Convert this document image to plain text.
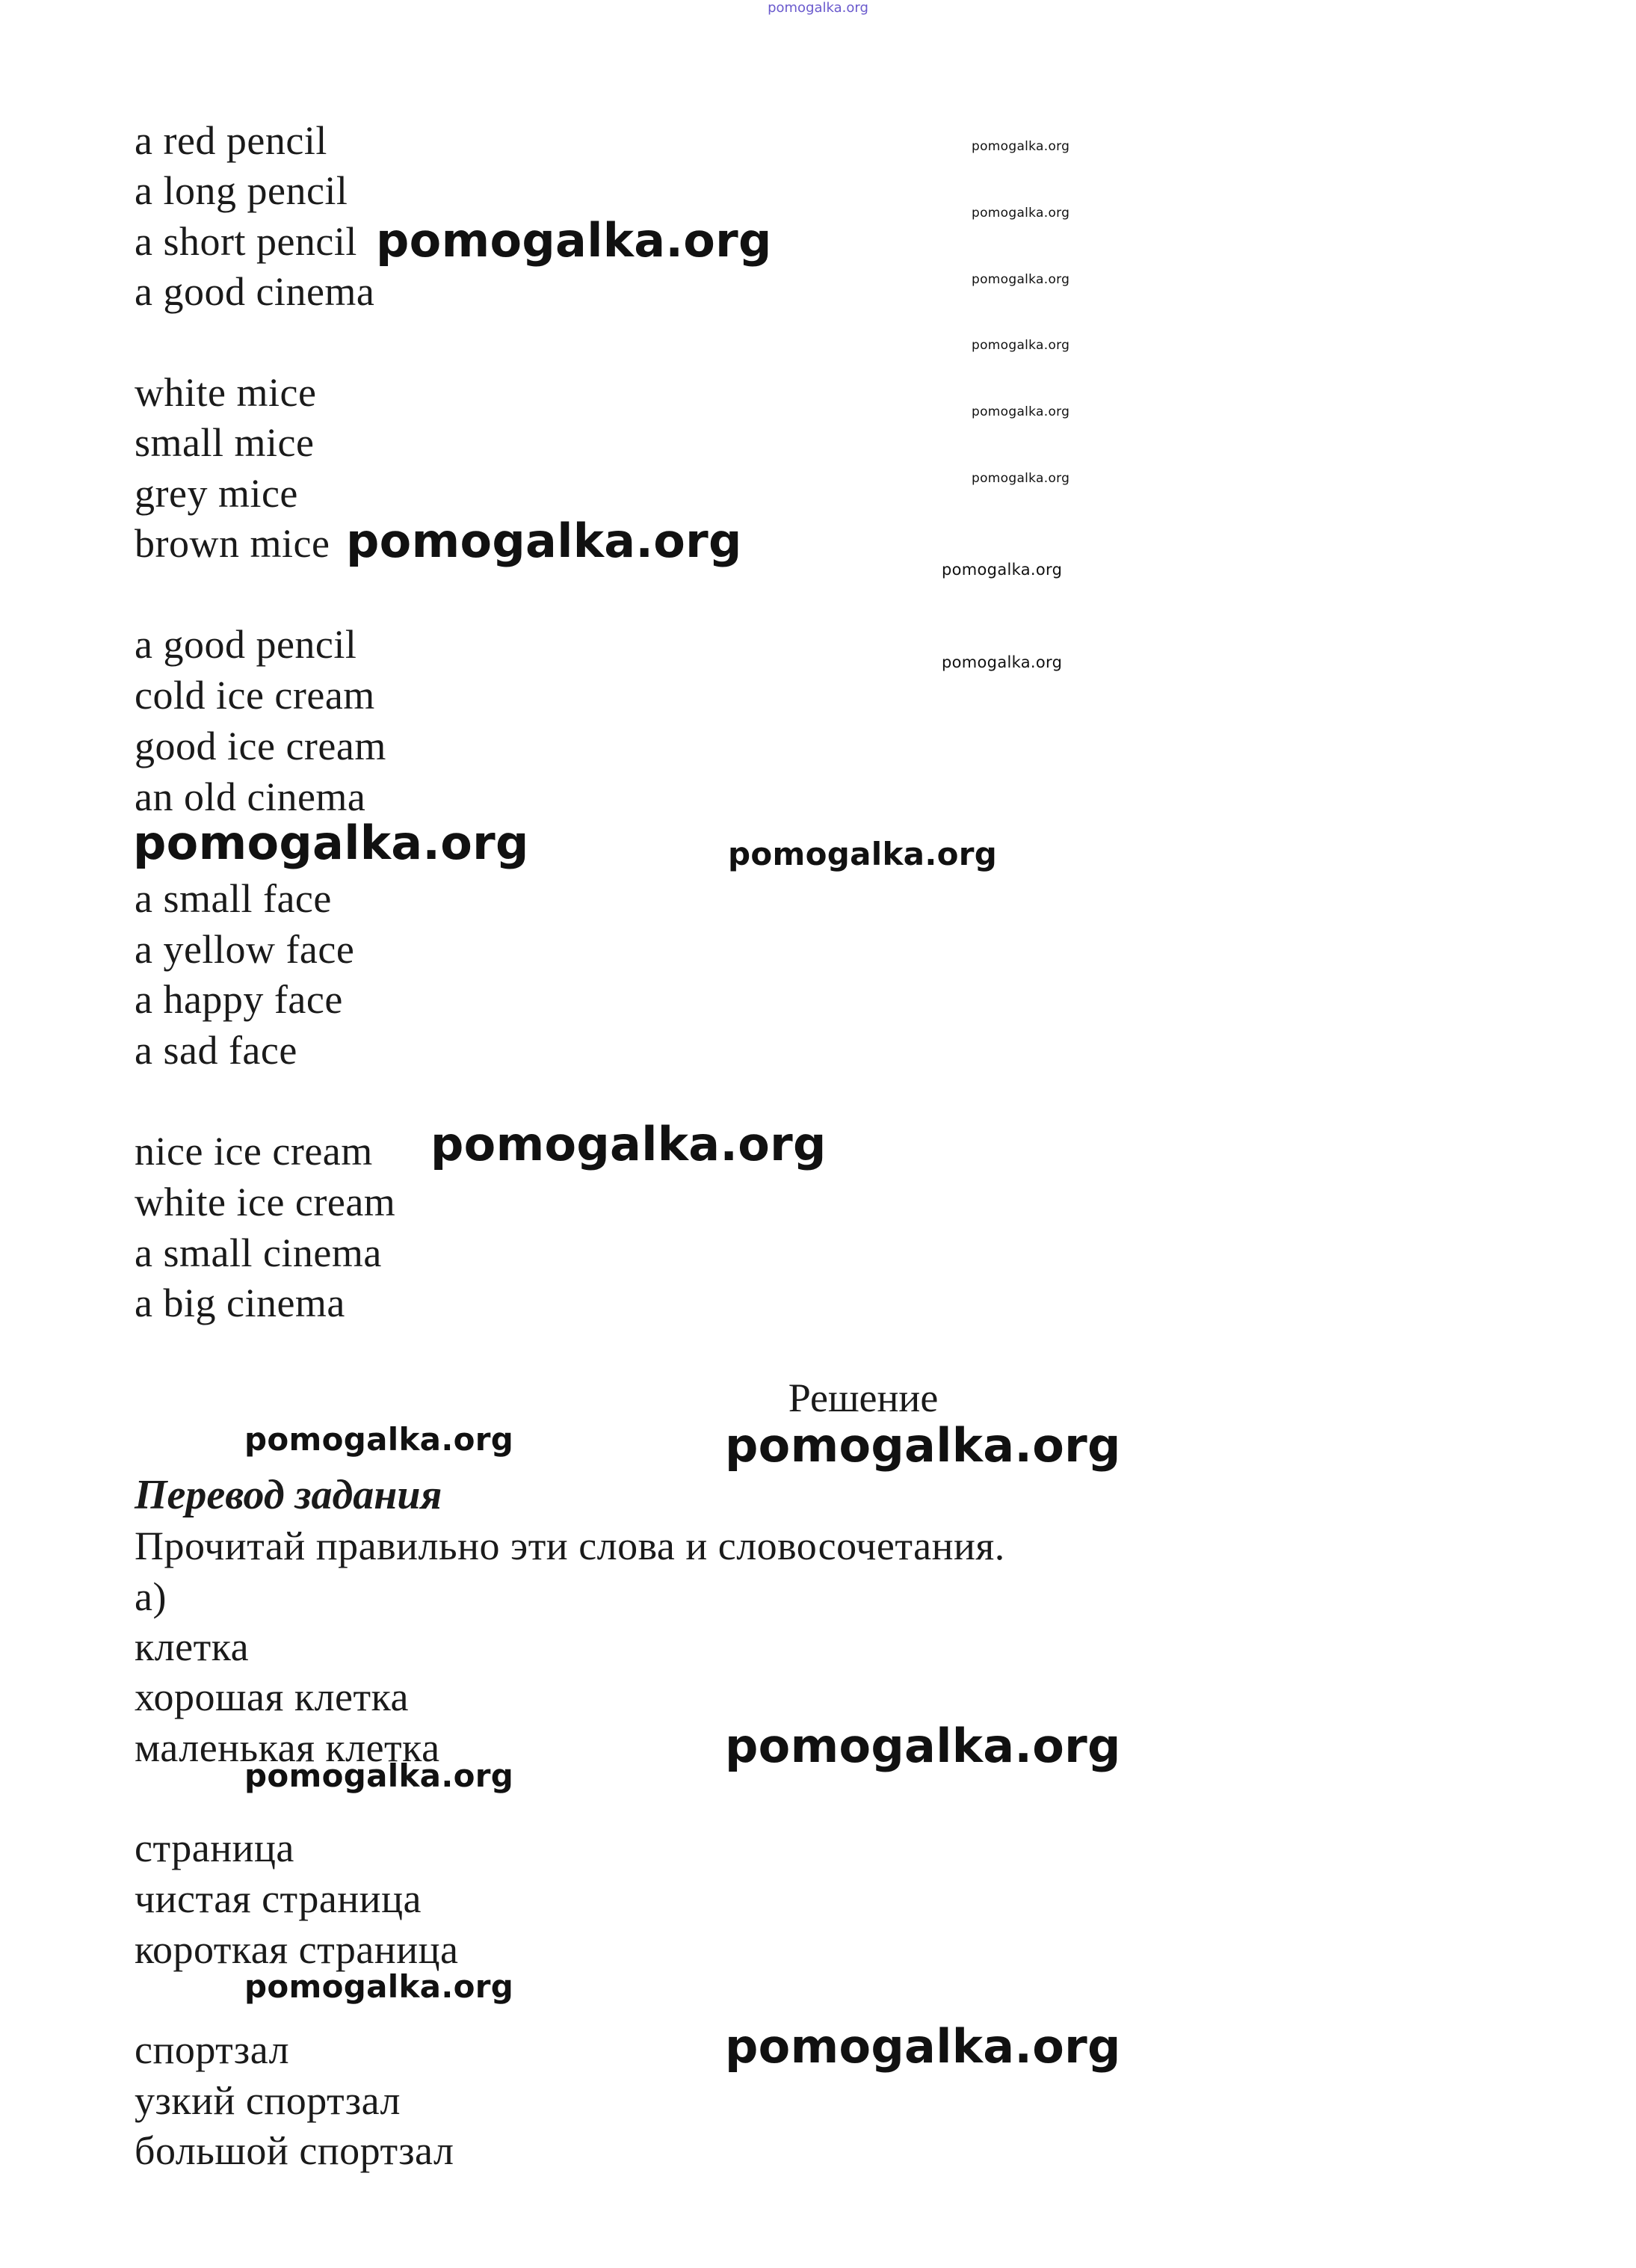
pomogalka.org
a red pencil
a long pencil
a short pencil
a good cinema
white mice
small mice
grey mice
brown mice
a good pencil
cold ice cream
good ice cream
an old cinema
a small face
a yellow face
a happy face
a sad face
nice ice cream
white ice cream
a small cinema
a big cinema
Решение
Перевод задания
Прочитай правильно эти слова и словосочетания.
а)
клетка
хорошая клетка
маленькая клетка
страница
чистая страница
короткая страница
спортзал
узкий спортзал
большой спортзал
pomogalka.org
pomogalka.org
pomogalka.org
pomogalka.org
pomogalka.org
pomogalka.org
pomogalka.org
pomogalka.org
pomogalka.org
pomogalka.org
pomogalka.org
pomogalka.org
pomogalka.org
pomogalka.org
pomogalka.org
pomogalka.org
pomogalka.org
pomogalka.org
pomogalka.org
